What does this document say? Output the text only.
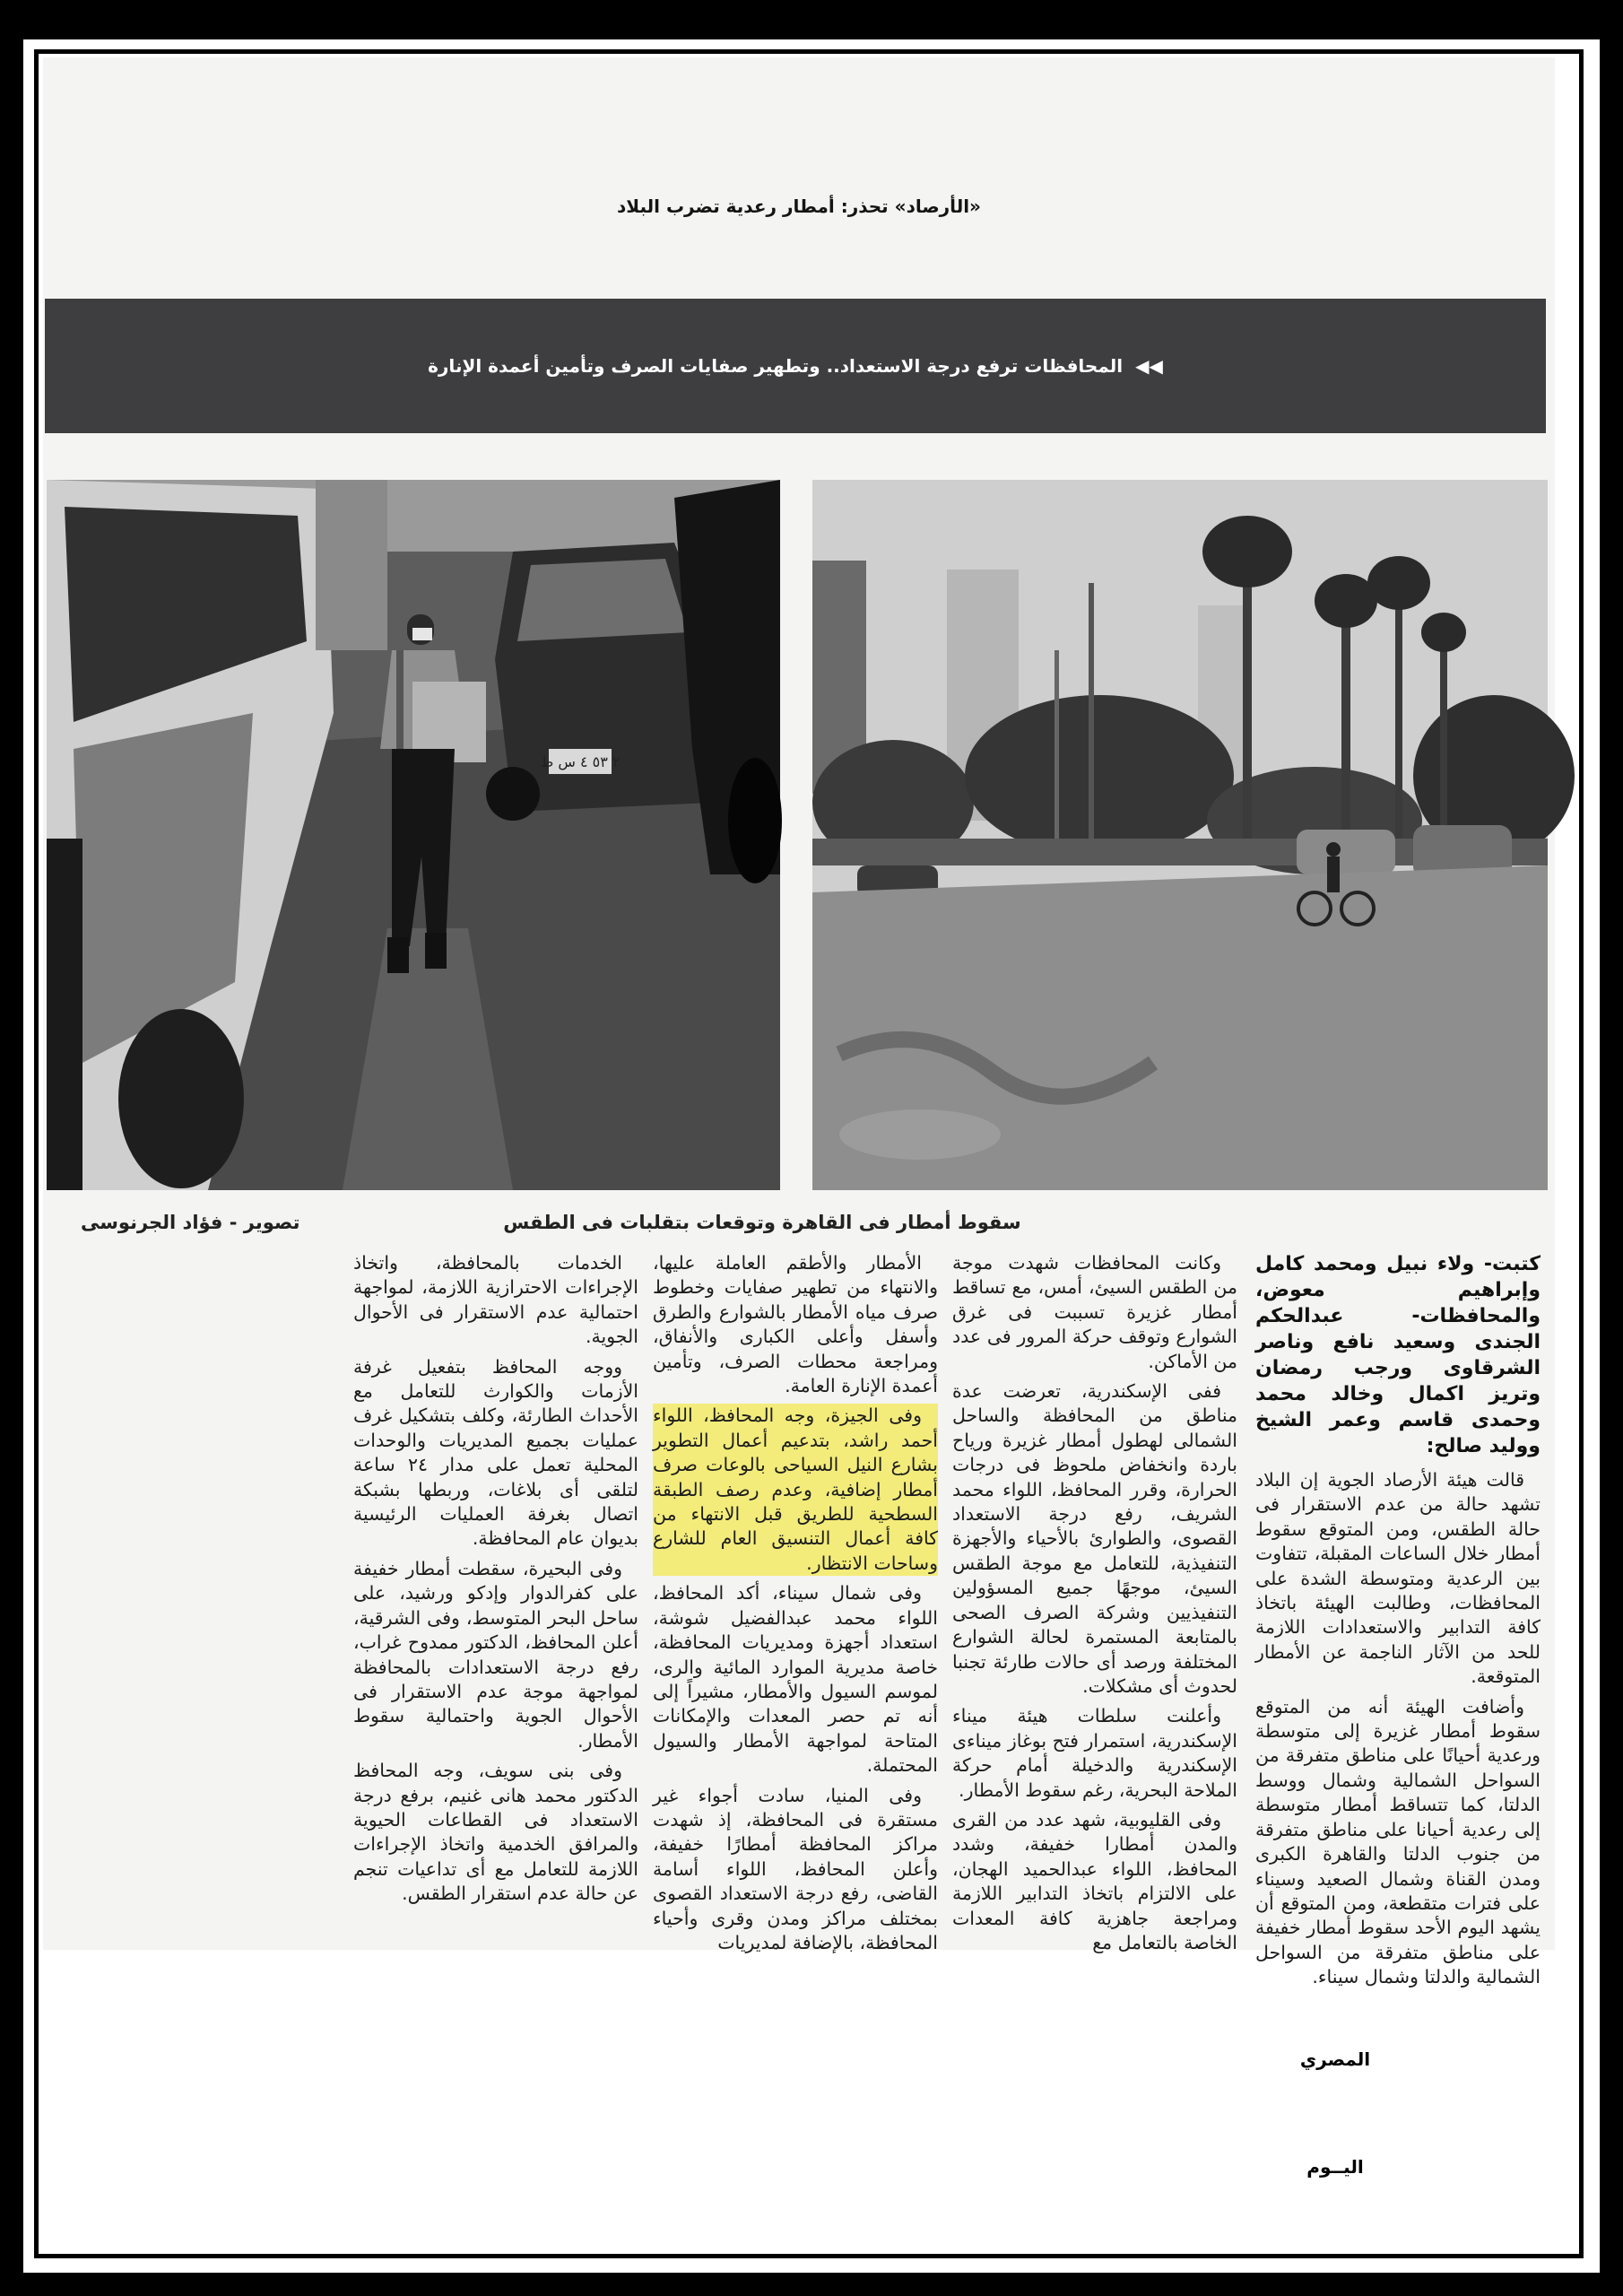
«الأرصاد» تحذر: أمطار رعدية تضرب البلاد
◀◀المحافظات ترفع درجة الاستعداد.. وتطهير صفايات الصرف وتأمين أعمدة الإنارة
٢ ٥٣ ٤ س ط

سقوط أمطار فى القاهرة وتوقعات بتقلبات فى الطقس

تصوير - فؤاد الجرنوسى

كتبت- ولاء نبيل ومحمد كامل وإبراهيم معوض، والمحافظات- عبدالحكم الجندى وسعيد نافع وناصر الشرقاوى ورجب رمضان وتريز اكمال وخالد محمد وحمدى قاسم وعمر الشيخ ووليد صالح:

قالت هيئة الأرصاد الجوية إن البلاد تشهد حالة من عدم الاستقرار فى حالة الطقس، ومن المتوقع سقوط أمطار خلال الساعات المقبلة، تتفاوت بين الرعدية ومتوسطة الشدة على المحافظات، وطالبت الهيئة باتخاذ كافة التدابير والاستعدادات اللازمة للحد من الآثار الناجمة عن الأمطار المتوقعة.

وأضافت الهيئة أنه من المتوقع سقوط أمطار غزيرة إلى متوسطة ورعدية أحيانًا على مناطق متفرقة من السواحل الشمالية وشمال ووسط الدلتا، كما تتساقط أمطار متوسطة إلى رعدية أحيانا على مناطق متفرقة من جنوب الدلتا والقاهرة الكبرى ومدن القناة وشمال الصعيد وسيناء على فترات متقطعة، ومن المتوقع أن يشهد اليوم الأحد سقوط أمطار خفيفة على مناطق متفرقة من السواحل الشمالية والدلتا وشمال سيناء.

وكانت المحافظات شهدت موجة من الطقس السيئ، أمس، مع تساقط أمطار غزيرة تسببت فى غرق الشوارع وتوقف حركة المرور فى عدد من الأماكن.

ففى الإسكندرية، تعرضت عدة مناطق من المحافظة والساحل الشمالى لهطول أمطار غزيرة ورياح باردة وانخفاض ملحوظ فى درجات الحرارة، وقرر المحافظ، اللواء محمد الشريف، رفع درجة الاستعداد القصوى، والطوارئ بالأحياء والأجهزة التنفيذية، للتعامل مع موجة الطقس السيئ، موجهًا جميع المسؤولين التنفيذيين وشركة الصرف الصحى بالمتابعة المستمرة لحالة الشوارع المختلفة ورصد أى حالات طارئة تجنبا لحدوث أى مشكلات.

وأعلنت سلطات هيئة ميناء الإسكندرية، استمرار فتح بوغاز ميناءى الإسكندرية والدخيلة أمام حركة الملاحة البحرية، رغم سقوط الأمطار.

وفى القليوبية، شهد عدد من القرى والمدن أمطارا خفيفة، وشدد المحافظ، اللواء عبدالحميد الهجان، على الالتزام باتخاذ التدابير اللازمة ومراجعة جاهزية كافة المعدات الخاصة بالتعامل مع

الأمطار والأطقم العاملة عليها، والانتهاء من تطهير صفايات وخطوط صرف مياه الأمطار بالشوارع والطرق وأسفل وأعلى الكبارى والأنفاق، ومراجعة محطات الصرف، وتأمين أعمدة الإنارة العامة.

وفى الجيزة، وجه المحافظ، اللواء أحمد راشد، بتدعيم أعمال التطوير بشارع النيل السياحى بالوعات صرف أمطار إضافية، وعدم رصف الطبقة السطحية للطريق قبل الانتهاء من كافة أعمال التنسيق العام للشارع وساحات الانتظار.

وفى شمال سيناء، أكد المحافظ، اللواء محمد عبدالفضيل شوشة، استعداد أجهزة ومديريات المحافظة، خاصة مديرية الموارد المائية والرى، لموسم السيول والأمطار، مشيراً إلى أنه تم حصر المعدات والإمكانات المتاحة لمواجهة الأمطار والسيول المحتملة.

وفى المنيا، سادت أجواء غير مستقرة فى المحافظة، إذ شهدت مراكز المحافظة أمطارًا خفيفة، وأعلن المحافظ، اللواء أسامة القاضى، رفع درجة الاستعداد القصوى بمختلف مراكز ومدن وقرى وأحياء المحافظة، بالإضافة لمديريات

الخدمات بالمحافظة، واتخاذ الإجراءات الاحترازية اللازمة، لمواجهة احتمالية عدم الاستقرار فى الأحوال الجوية.

ووجه المحافظ بتفعيل غرفة الأزمات والكوارث للتعامل مع الأحداث الطارئة، وكلف بتشكيل غرف عمليات بجميع المديريات والوحدات المحلية تعمل على مدار ٢٤ ساعة لتلقى أى بلاغات، وربطها بشبكة اتصال بغرفة العمليات الرئيسية بديوان عام المحافظة.

وفى البحيرة، سقطت أمطار خفيفة على كفرالدوار وإدكو ورشيد، على ساحل البحر المتوسط، وفى الشرقية، أعلن المحافظ، الدكتور ممدوح غراب، رفع درجة الاستعدادات بالمحافظة لمواجهة موجة عدم الاستقرار فى الأحوال الجوية واحتمالية سقوط الأمطار.

وفى بنى سويف، وجه المحافظ الدكتور محمد هانى غنيم، برفع درجة الاستعداد فى القطاعات الحيوية والمرافق الخدمية واتخاذ الإجراءات اللازمة للتعامل مع أى تداعيات تنجم عن حالة عدم استقرار الطقس.

المصري
اليــوم
